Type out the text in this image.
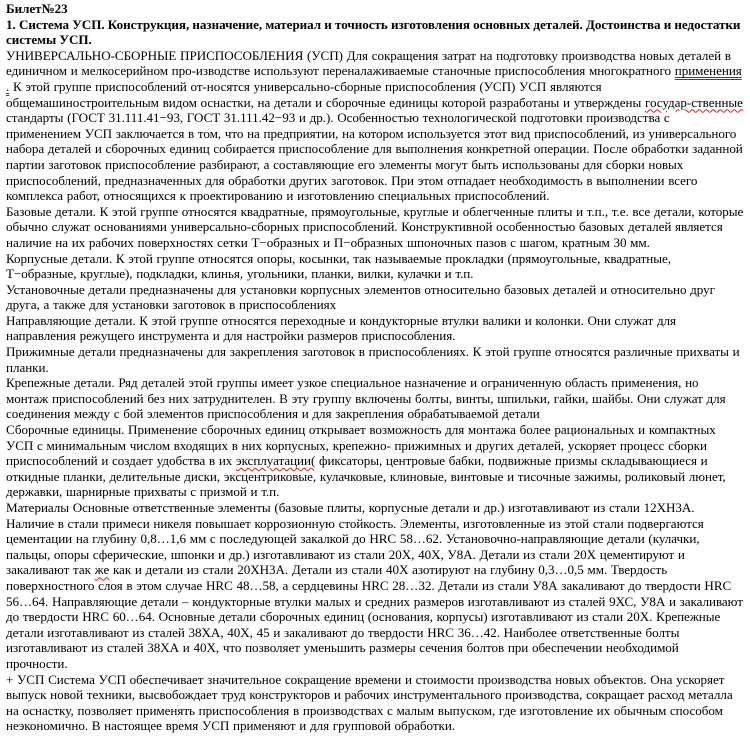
Билет№23
1. Система УСП. Конструкция, назначение, материал и точность изготовления основных деталей. Достоинства и недостатки системы УСП.

УНИВЕРСАЛЬНО-СБОРНЫЕ ПРИСПОСОБЛЕНИЯ (УСП) Для сокращения затрат на подготовку производства новых деталей в единичном и мелкосерийном про-изводстве используют переналаживаемые станочные приспособления многократного применения . К этой группе приспособлений от-носятся универсально-сборные приспособления (УСП) УСП являются общемашиностроительным видом оснастки, на детали и сборочные единицы которой разработаны и утверждены государ-ственные стандарты (ГОСТ 31.111.41−93, ГОСТ 31.111.42−93 и др.). Особенностью технологической подготовки производства с применением УСП заключается в том, что на предприятии, на котором используется этот вид приспособлений, из универсального набора деталей и сборочных единиц собирается приспособление для выполнения конкретной операции. После обработки заданной партии заготовок приспособление разбирают, а составляющие его элементы могут быть использованы для сборки новых приспособлений, предназначенных для обработки других заготовок. При этом отпадает необходимость в выполнении всего комплекса работ, относящихся к проектированию и изготовлению специальных приспособлений.

Базовые детали. К этой группе относятся квадратные, прямоугольные, круглые и облегченные плиты и т.п., т.е. все детали, которые обычно служат основаниями универсально-сборных приспособлений. Конструктивной особенностью базовых деталей является наличие на их рабочих поверхностях сетки Т−образных и П−образных шпоночных пазов с шагом, кратным 30 мм.

Корпусные детали. К этой группе относятся опоры, косынки, так называемые прокладки (прямоугольные, квадратные, Т−образные, круглые), подкладки, клинья, угольники, планки, вилки, кулачки и т.п.

Установочные детали предназначены для установки корпусных элементов относительно базовых деталей и относительно друг друга, а также для установки заготовок в приспособлениях

Направляющие детали. К этой группе относятся переходные и кондукторные втулки валики и колонки. Они служат для направления режущего инструмента и для настройки размеров приспособления.

Прижимные детали предназначены для закрепления заготовок в приспособлениях. К этой группе относятся различные прихваты и планки.

Крепежные детали. Ряд деталей этой группы имеет узкое специальное назначение и ограниченную область применения, но монтаж приспособлений без них затруднителен. В эту группу включены болты, винты, шпильки, гайки, шайбы. Они служат для соединения между с бой элементов приспособления и для закрепления обрабатываемой детали

Сборочные единицы. Применение сборочных единиц открывает возможность для монтажа более рациональных и компактных УСП с минимальным числом входящих в них корпусных, крепежно- прижимных и других деталей, ускоряет процесс сборки приспособлений и создает удобства в их эксплуатации( фиксаторы, центровые бабки, подвижные призмы складывающиеся и откидные планки, делительные диски, эксцентриковые, кулачковые, клиновые, винтовые и тисочные зажимы, роликовый люнет, державки, шарнирные прихваты с призмой и т.п.

Материалы Основные ответственные элементы (базовые плиты, корпусные детали и др.) изготавливают из стали 12ХН3А. Наличие в стали примеси никеля повышает коррозионную стойкость. Элементы, изготовленные из этой стали подвергаются цементации на глубину 0,8…1,6 мм с последующей закалкой до HRC 58…62. Установочно-направляющие детали (кулачки, пальцы, опоры сферические, шпонки и др.) изготавливают из стали 20Х, 40Х, У8А. Детали из стали 20Х цементируют и закаливают так же как и детали из стали 20ХН3А. Детали из стали 40Х азотируют на глубину 0,3…0,5 мм. Твердость поверхностного слоя в этом случае HRC 48…58, а сердцевины HRC 28…32. Детали из стали У8А закаливают до твердости HRC 56…64. Направляющие детали – кондукторные втулки малых и средних размеров изготавливают из сталей 9ХС, У8А и закаливают до твердости HRC 60…64. Основные детали сборочных единиц (основания, корпусы) изготавливают из стали 20Х. Крепежные детали изготавливают из сталей 38ХА, 40Х, 45 и закаливают до твердости HRC 36…42. Наиболее ответственные болты изготавливают из сталей 38ХА и 40Х, что позволяет уменьшить размеры сечения болтов при обеспечении необходимой прочности.

+ УСП Система УСП обеспечивает значительное сокращение времени и стоимости производства новых объектов. Она ускоряет выпуск новой техники, высвобождает труд конструкторов и рабочих инструментального производства, сокращает расход металла на оснастку, позволяет применять приспособления в производствах с малым выпуском, где изготовление их обычным способом неэкономично. В настоящее время УСП применяют и для групповой обработки.
